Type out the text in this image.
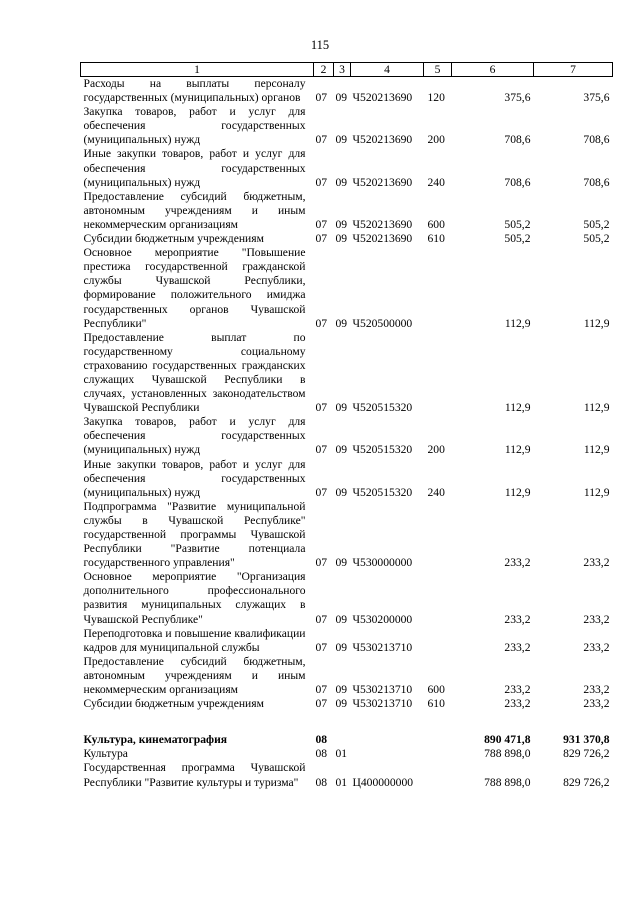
115
1	2	3	4	5	6	7
Расходы на выплаты персоналу государственных (муниципальных) органов	07	09	Ч520213690	120	375,6	375,6
Закупка товаров, работ и услуг для обеспечения государственных (муниципальных) нужд	07	09	Ч520213690	200	708,6	708,6
Иные закупки товаров, работ и услуг для обеспечения государственных (муниципальных) нужд	07	09	Ч520213690	240	708,6	708,6
Предоставление субсидий бюджетным, автономным учреждениям и иным некоммерческим организациям	07	09	Ч520213690	600	505,2	505,2
Субсидии бюджетным учреждениям	07	09	Ч520213690	610	505,2	505,2
Основное мероприятие "Повышение престижа государственной гражданской службы Чувашской Республики, формирование положительного имиджа государственных органов Чувашской Республики"	07	09	Ч520500000		112,9	112,9
Предоставление выплат по государственному социальному страхованию государственных гражданских служащих Чувашской Республики в случаях, установленных законодательством Чувашской Республики	07	09	Ч520515320		112,9	112,9
Закупка товаров, работ и услуг для обеспечения государственных (муниципальных) нужд	07	09	Ч520515320	200	112,9	112,9
Иные закупки товаров, работ и услуг для обеспечения государственных (муниципальных) нужд	07	09	Ч520515320	240	112,9	112,9
Подпрограмма "Развитие муниципальной службы в Чувашской Республике" государственной программы Чувашской Республики "Развитие потенциала государственного управления"	07	09	Ч530000000		233,2	233,2
Основное мероприятие "Организация дополнительного профессионального развития муниципальных служащих в Чувашской Республике"	07	09	Ч530200000		233,2	233,2
Переподготовка и повышение квалификации кадров для муниципальной службы	07	09	Ч530213710		233,2	233,2
Предоставление субсидий бюджетным, автономным учреждениям и иным некоммерческим организациям	07	09	Ч530213710	600	233,2	233,2
Субсидии бюджетным учреждениям	07	09	Ч530213710	610	233,2	233,2

Культура, кинематография	08				890 471,8	931 370,8
Культура	08	01			788 898,0	829 726,2
Государственная программа Чувашской Республики "Развитие культуры и туризма"	08	01	Ц400000000		788 898,0	829 726,2
